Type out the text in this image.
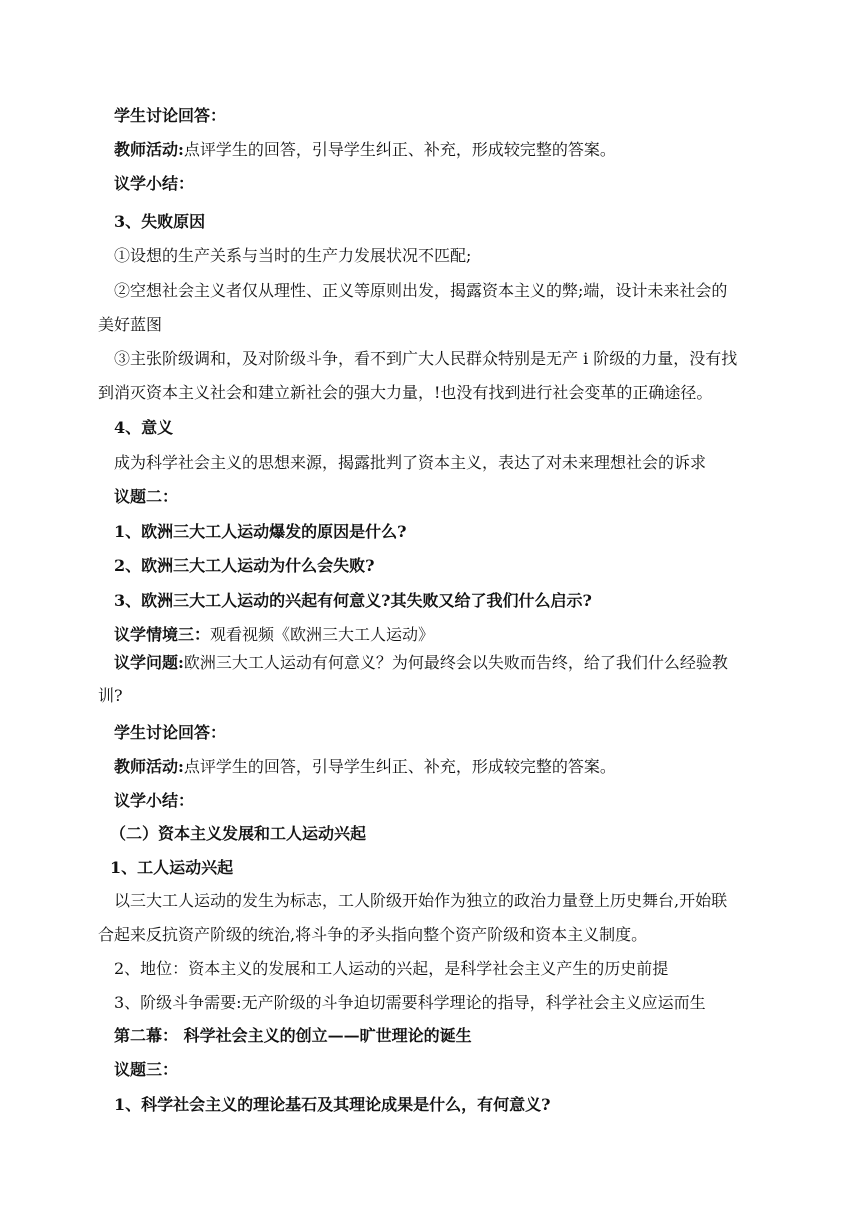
学生讨论回答：
教师活动:点评学生的回答，引导学生纠正、补充，形成较完整的答案。
议学小结：
3、失败原因
①设想的生产关系与当时的生产力发展状况不匹配;
②空想社会主义者仅从理性、正义等原则出发，揭露资本主义的弊;端，设计未来社会的
美好蓝图
③主张阶级调和，及对阶级斗争，看不到广大人民群众特别是无产 i 阶级的力量，没有找
到消灭资本主义社会和建立新社会的强大力量，!也没有找到进行社会变革的正确途径。
4、意义
成为科学社会主义的思想来源，揭露批判了资本主义，表达了对未来理想社会的诉求
议题二：
1、欧洲三大工人运动爆发的原因是什么?
2、欧洲三大工人运动为什么会失败?
3、欧洲三大工人运动的兴起有何意义?其失败又给了我们什么启示?
议学情境三：观看视频《欧洲三大工人运动》
议学问题:欧洲三大工人运动有何意义？为何最终会以失败而告终，给了我们什么经验教
训?
学生讨论回答：
教师活动:点评学生的回答，引导学生纠正、补充，形成较完整的答案。
议学小结：
（二）资本主义发展和工人运动兴起
1、工人运动兴起
以三大工人运动的发生为标志，工人阶级开始作为独立的政治力量登上历史舞台,开始联
合起来反抗资产阶级的统治,将斗争的矛头指向整个资产阶级和资本主义制度。
2、地位：资本主义的发展和工人运动的兴起，是科学社会主义产生的历史前提
3、阶级斗争需要:无产阶级的斗争迫切需要科学理论的指导，科学社会主义应运而生
第二幕： 科学社会主义的创立——旷世理论的诞生
议题三：
1、科学社会主义的理论基石及其理论成果是什么，有何意义?
